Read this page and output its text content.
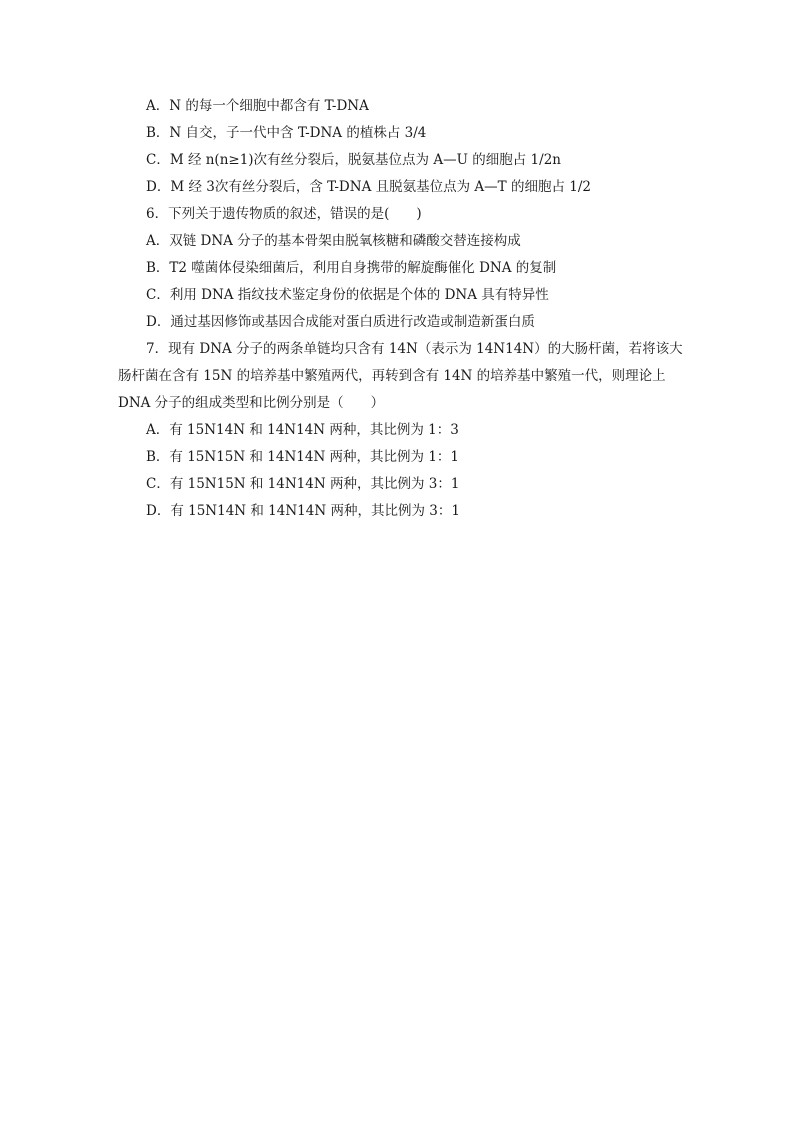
A．N 的每一个细胞中都含有 T-DNA
B．N 自交，子一代中含 T-DNA 的植株占 3/4
C．M 经 n(n≥1)次有丝分裂后，脱氨基位点为 A—U 的细胞占 1/2n
D．M 经 3次有丝分裂后，含 T-DNA 且脱氨基位点为 A—T 的细胞占 1/2
6．下列关于遗传物质的叙述，错误的是(　　)
A．双链 DNA 分子的基本骨架由脱氧核糖和磷酸交替连接构成
B．T2 噬菌体侵染细菌后，利用自身携带的解旋酶催化 DNA 的复制
C．利用 DNA 指纹技术鉴定身份的依据是个体的 DNA 具有特异性
D．通过基因修饰或基因合成能对蛋白质进行改造或制造新蛋白质
7．现有 DNA 分子的两条单链均只含有 14N（表示为 14N14N）的大肠杆菌，若将该大
肠杆菌在含有 15N 的培养基中繁殖两代，再转到含有 14N 的培养基中繁殖一代，则理论上
DNA 分子的组成类型和比例分别是（　　）
A．有 15N14N 和 14N14N 两种，其比例为 1：3
B．有 15N15N 和 14N14N 两种，其比例为 1：1
C．有 15N15N 和 14N14N 两种，其比例为 3：1
D．有 15N14N 和 14N14N 两种，其比例为 3：1
